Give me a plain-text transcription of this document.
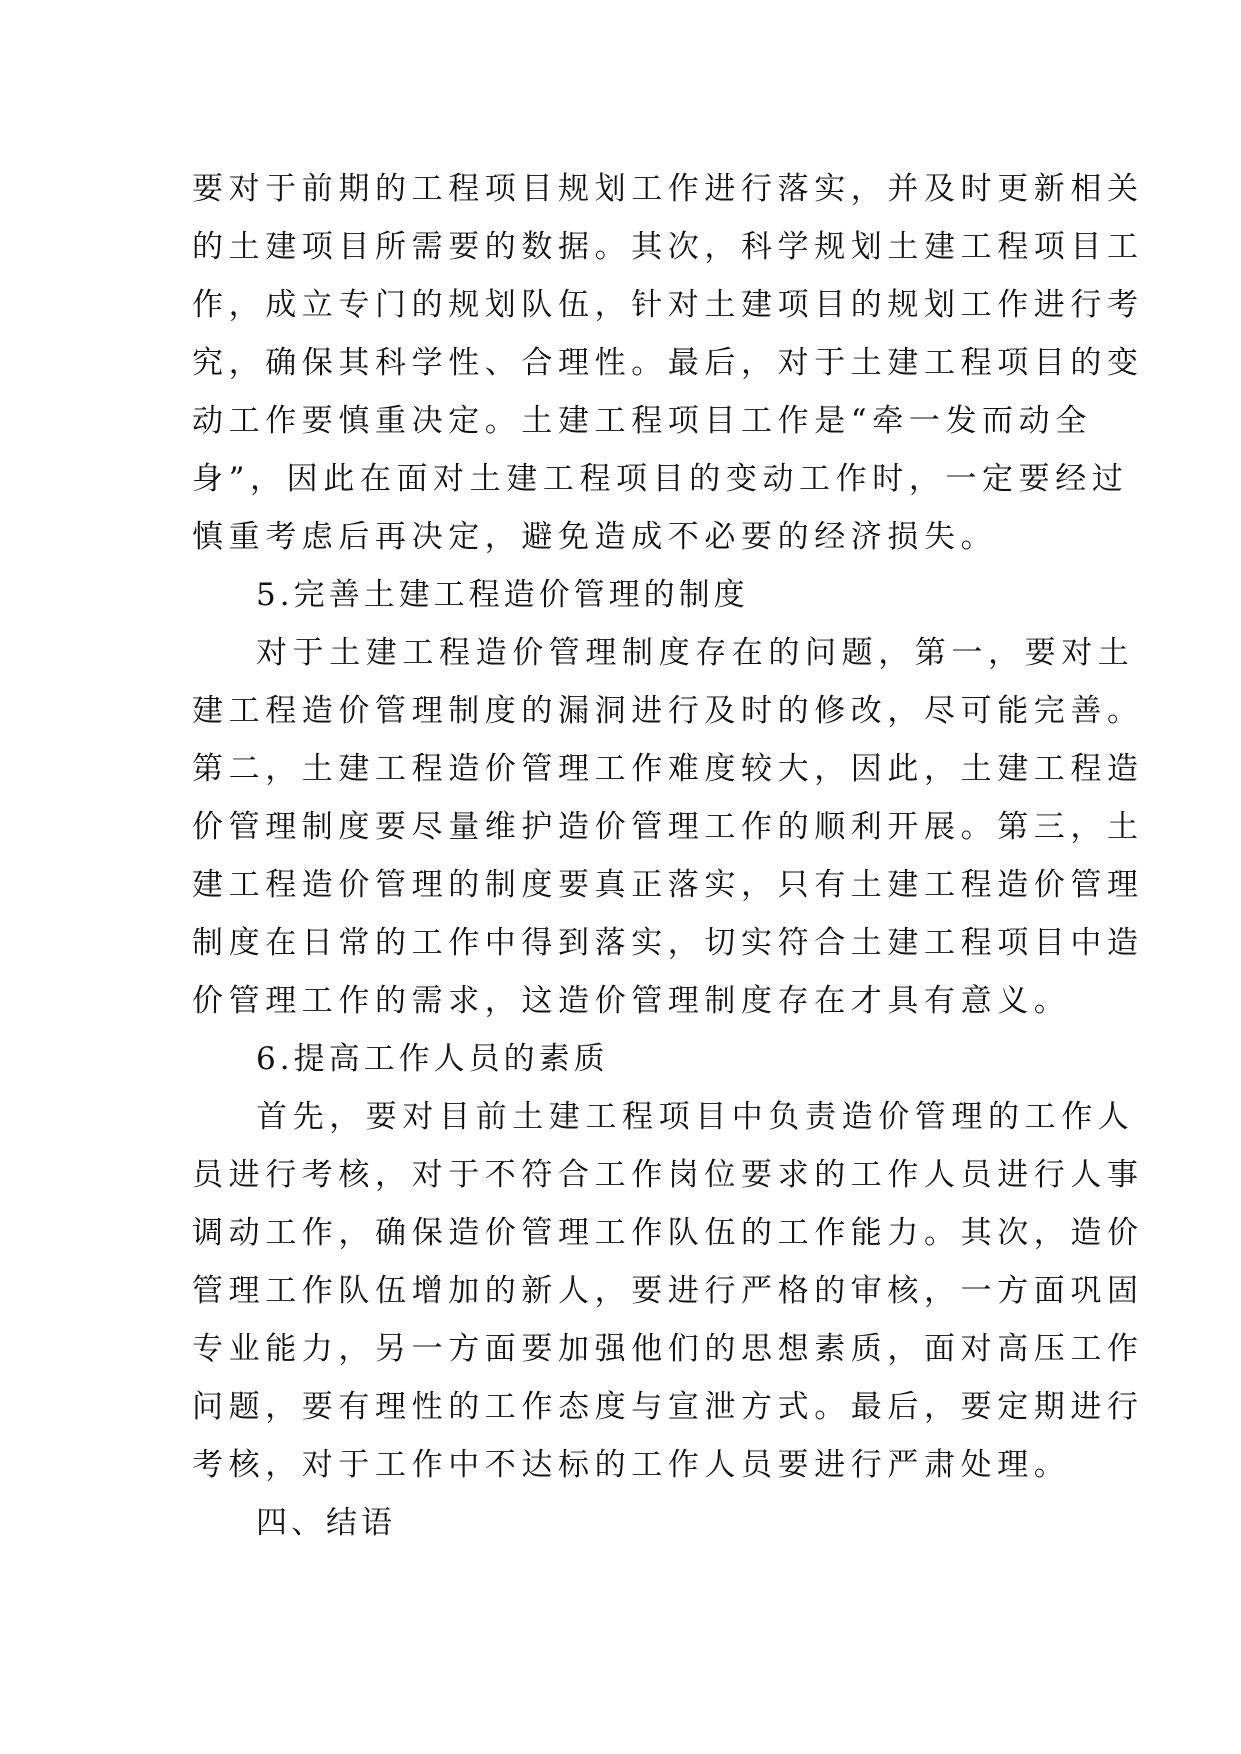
要对于前期的工程项目规划工作进行落实，并及时更新相关
的土建项目所需要的数据。其次，科学规划土建工程项目工
作，成立专门的规划队伍，针对土建项目的规划工作进行考
究，确保其科学性、合理性。最后，对于土建工程项目的变
动工作要慎重决定。土建工程项目工作是“牵一发而动全
身”，因此在面对土建工程项目的变动工作时，一定要经过
慎重考虑后再决定，避免造成不必要的经济损失。
5.完善土建工程造价管理的制度
对于土建工程造价管理制度存在的问题，第一，要对土
建工程造价管理制度的漏洞进行及时的修改，尽可能完善。
第二，土建工程造价管理工作难度较大，因此，土建工程造
价管理制度要尽量维护造价管理工作的顺利开展。第三，土
建工程造价管理的制度要真正落实，只有土建工程造价管理
制度在日常的工作中得到落实，切实符合土建工程项目中造
价管理工作的需求，这造价管理制度存在才具有意义。
6.提高工作人员的素质
首先，要对目前土建工程项目中负责造价管理的工作人
员进行考核，对于不符合工作岗位要求的工作人员进行人事
调动工作，确保造价管理工作队伍的工作能力。其次，造价
管理工作队伍增加的新人，要进行严格的审核，一方面巩固
专业能力，另一方面要加强他们的思想素质，面对高压工作
问题，要有理性的工作态度与宣泄方式。最后，要定期进行
考核，对于工作中不达标的工作人员要进行严肃处理。
四、结语
